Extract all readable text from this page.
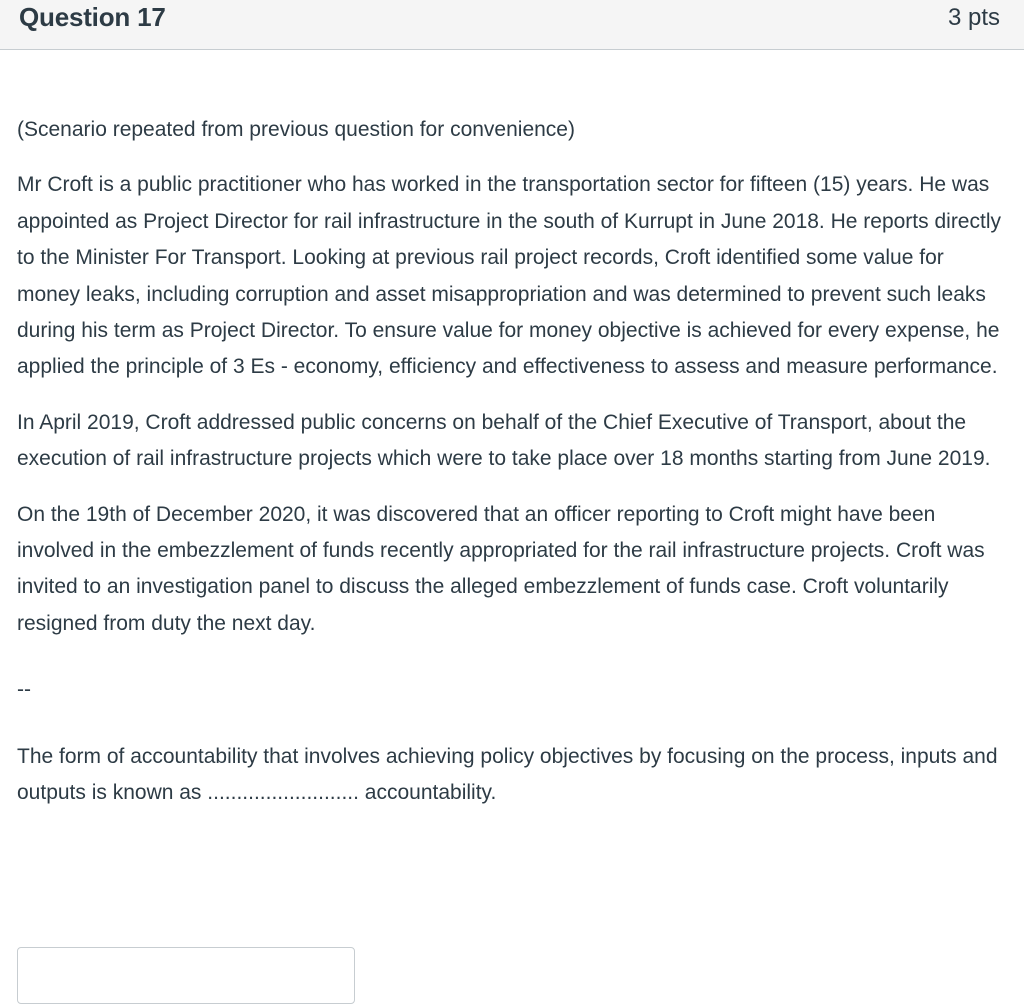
Question 17	3 pts

(Scenario repeated from previous question for convenience)

Mr Croft is a public practitioner who has worked in the transportation sector for fifteen (15) years. He was appointed as Project Director for rail infrastructure in the south of Kurrupt in June 2018. He reports directly to the Minister For Transport. Looking at previous rail project records, Croft identified some value for money leaks, including corruption and asset misappropriation and was determined to prevent such leaks during his term as Project Director. To ensure value for money objective is achieved for every expense, he applied the principle of 3 Es - economy, efficiency and effectiveness to assess and measure performance.

In April 2019, Croft addressed public concerns on behalf of the Chief Executive of Transport, about the execution of rail infrastructure projects which were to take place over 18 months starting from June 2019.

On the 19th of December 2020, it was discovered that an officer reporting to Croft might have been involved in the embezzlement of funds recently appropriated for the rail infrastructure projects. Croft was invited to an investigation panel to discuss the alleged embezzlement of funds case. Croft voluntarily resigned from duty the next day.

--

The form of accountability that involves achieving policy objectives by focusing on the process, inputs and outputs is known as .......................... accountability.
